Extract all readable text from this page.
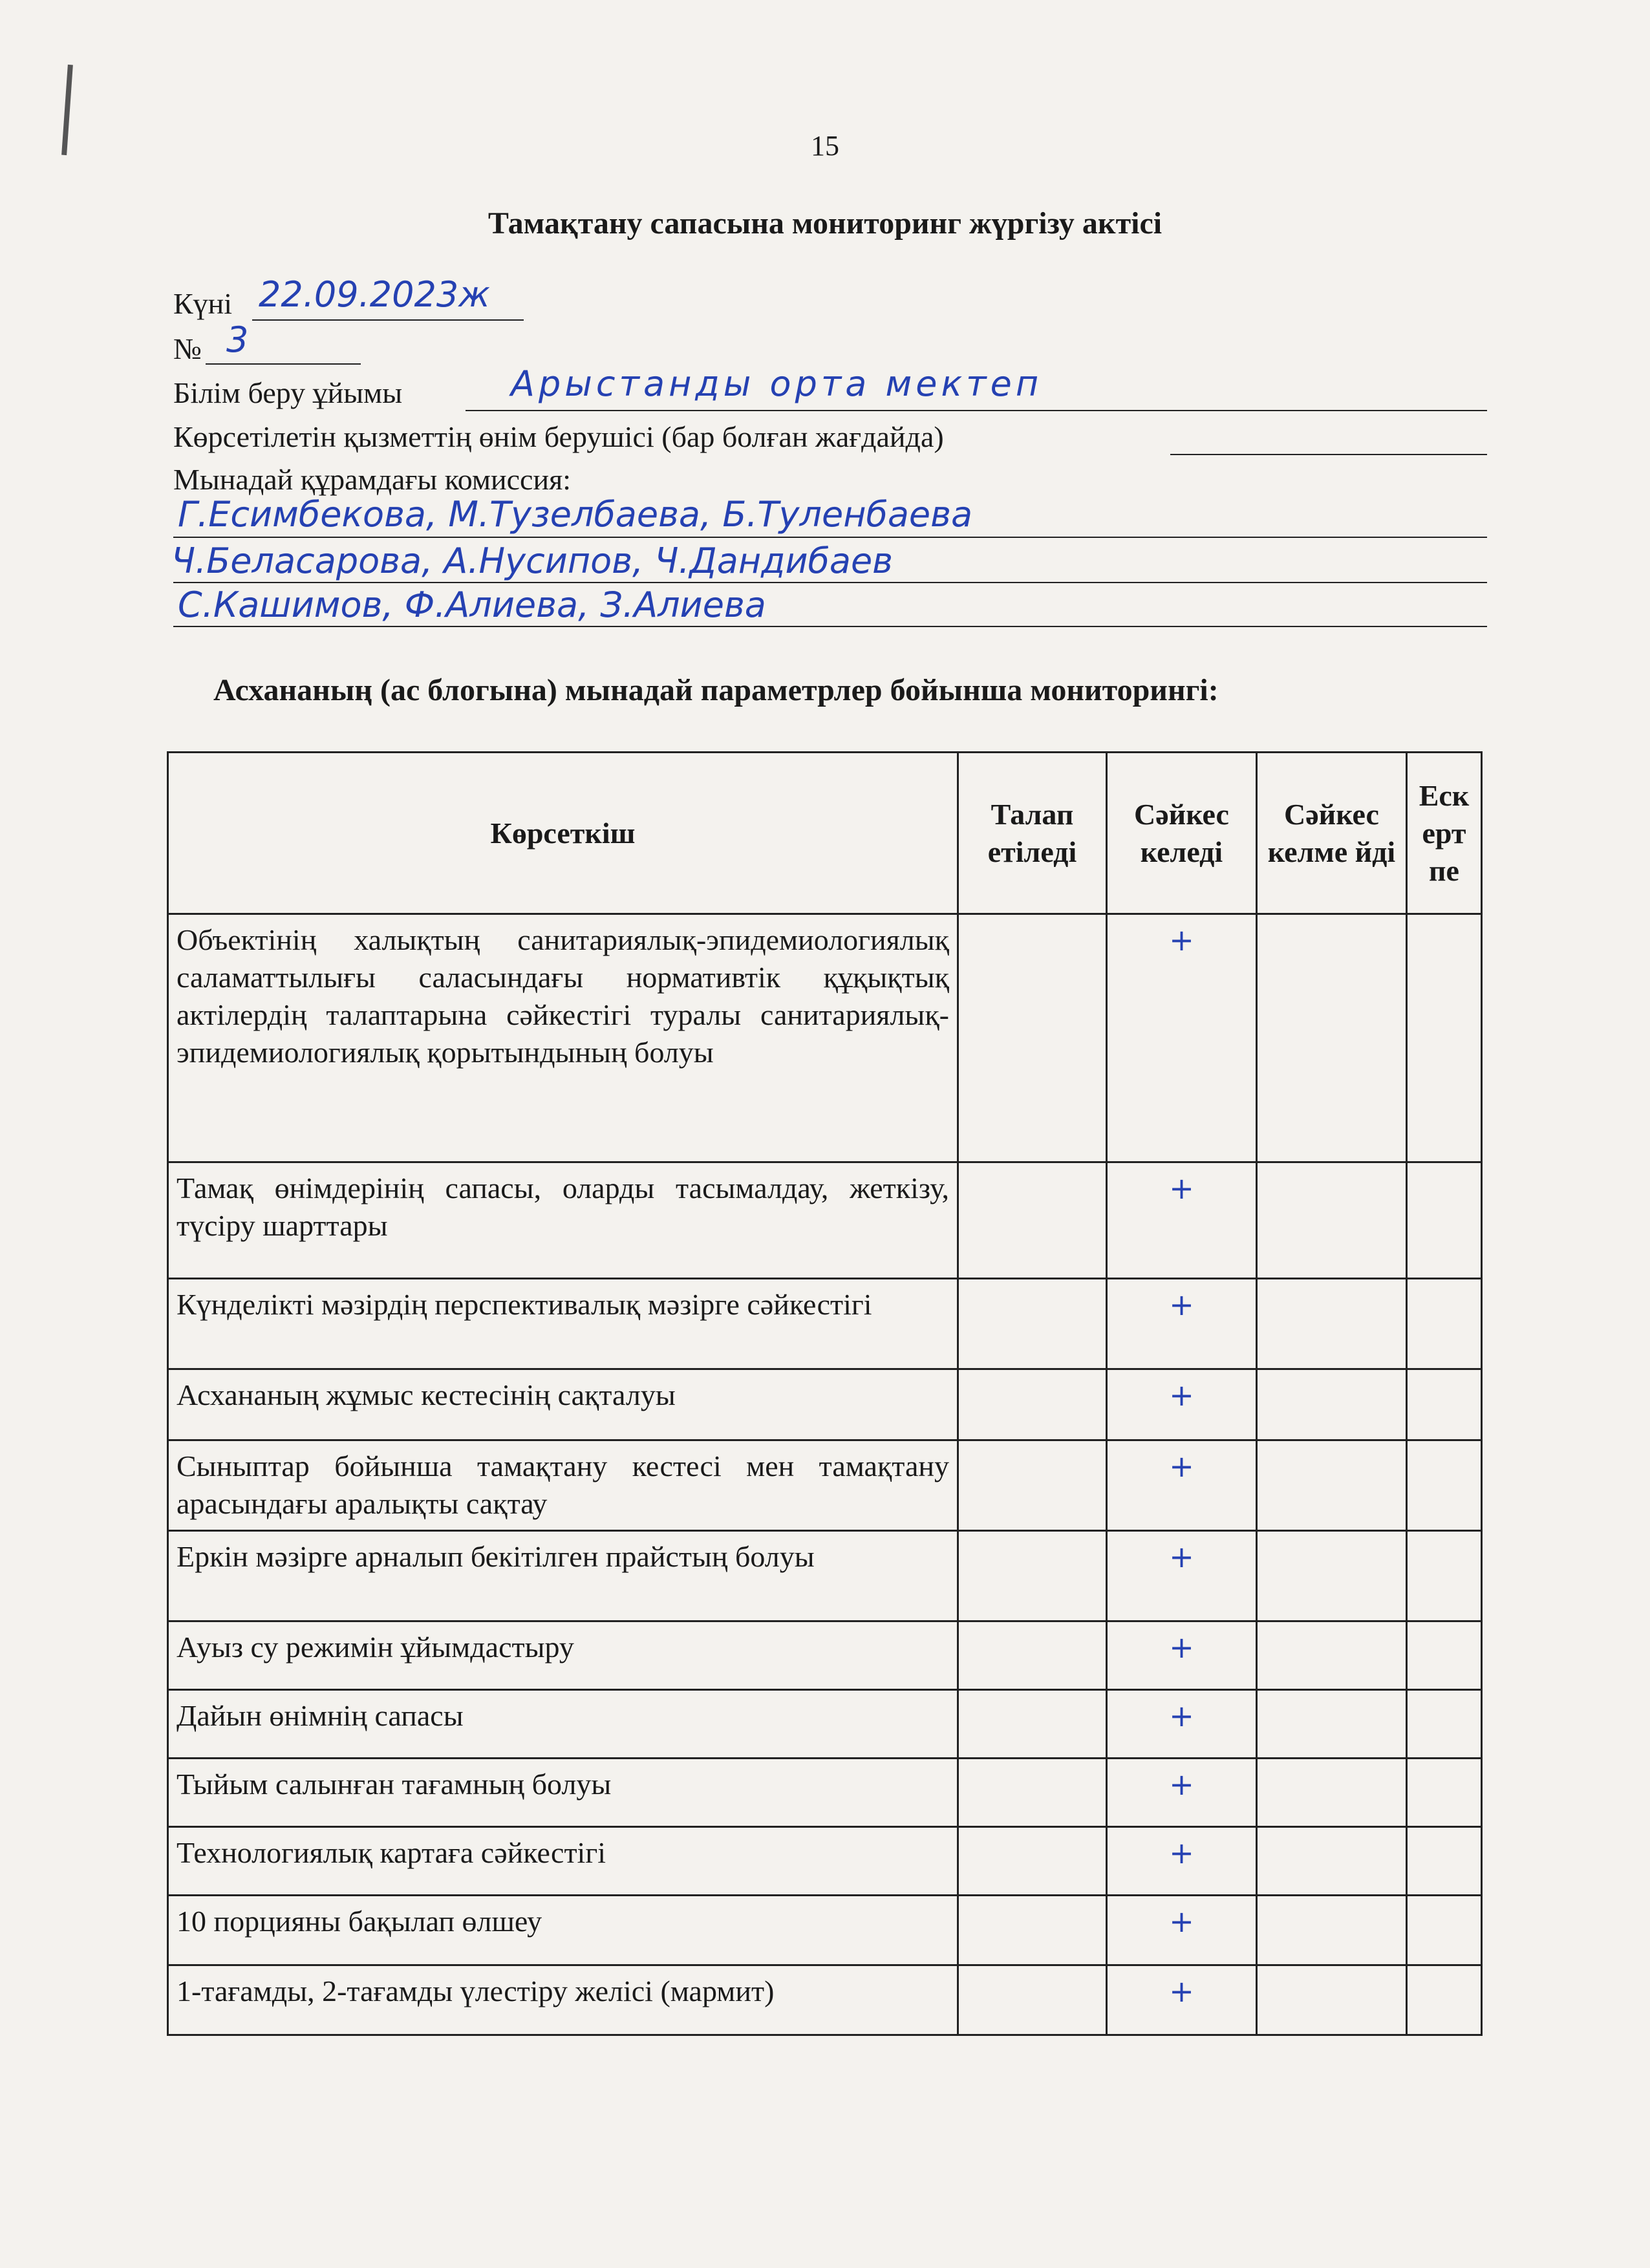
15
Тамақтану сапасына мониторинг жүргізу актісі
Күні 22.09.2023ж
№ 3
Білім беру ұйымы	Арыстанды орта мектеп
Көрсетілетін қызметтің өнім берушісі (бар болған жағдайда)
Мынадай құрамдағы комиссия:
Г.Есимбекова, М.Тузелбаева, Б.Туленбаева
Ч.Беласарова, А.Нусипов, Ч.Дандибаев
С.Кашимов, Ф.Алиева, З.Алиева
Асхананың (ас блогына) мынадай параметрлер бойынша мониторингі:
Көрсеткіш	Талап етіледі	Сәйкес келеді	Сәйкес келме йді	Еск ерт пе
Объектінің халықтың санитариялық-эпидемиологиялық саламаттылығы саласындағы нормативтік құқықтық актілердің талаптарына сәйкестігі туралы санитариялық-эпидемиологиялық қорытындының болуы		+		
Тамақ өнімдерінің сапасы, оларды тасымалдау, жеткізу, түсіру шарттары		+		
Күнделікті мәзірдің перспективалық мәзірге сәйкестігі		+		
Асхананың жұмыс кестесінің сақталуы		+		
Сыныптар бойынша тамақтану кестесі мен тамақтану арасындағы аралықты сақтау		+		
Еркін мәзірге арналып бекітілген прайстың болуы		+		
Ауыз су режимін ұйымдастыру		+		
Дайын өнімнің сапасы		+		
Тыйым салынған тағамның болуы		+		
Технологиялық картаға сәйкестігі		+		
10 порцияны бақылап өлшеу		+		
1-тағамды, 2-тағамды үлестіру желісі (мармит)		+		
